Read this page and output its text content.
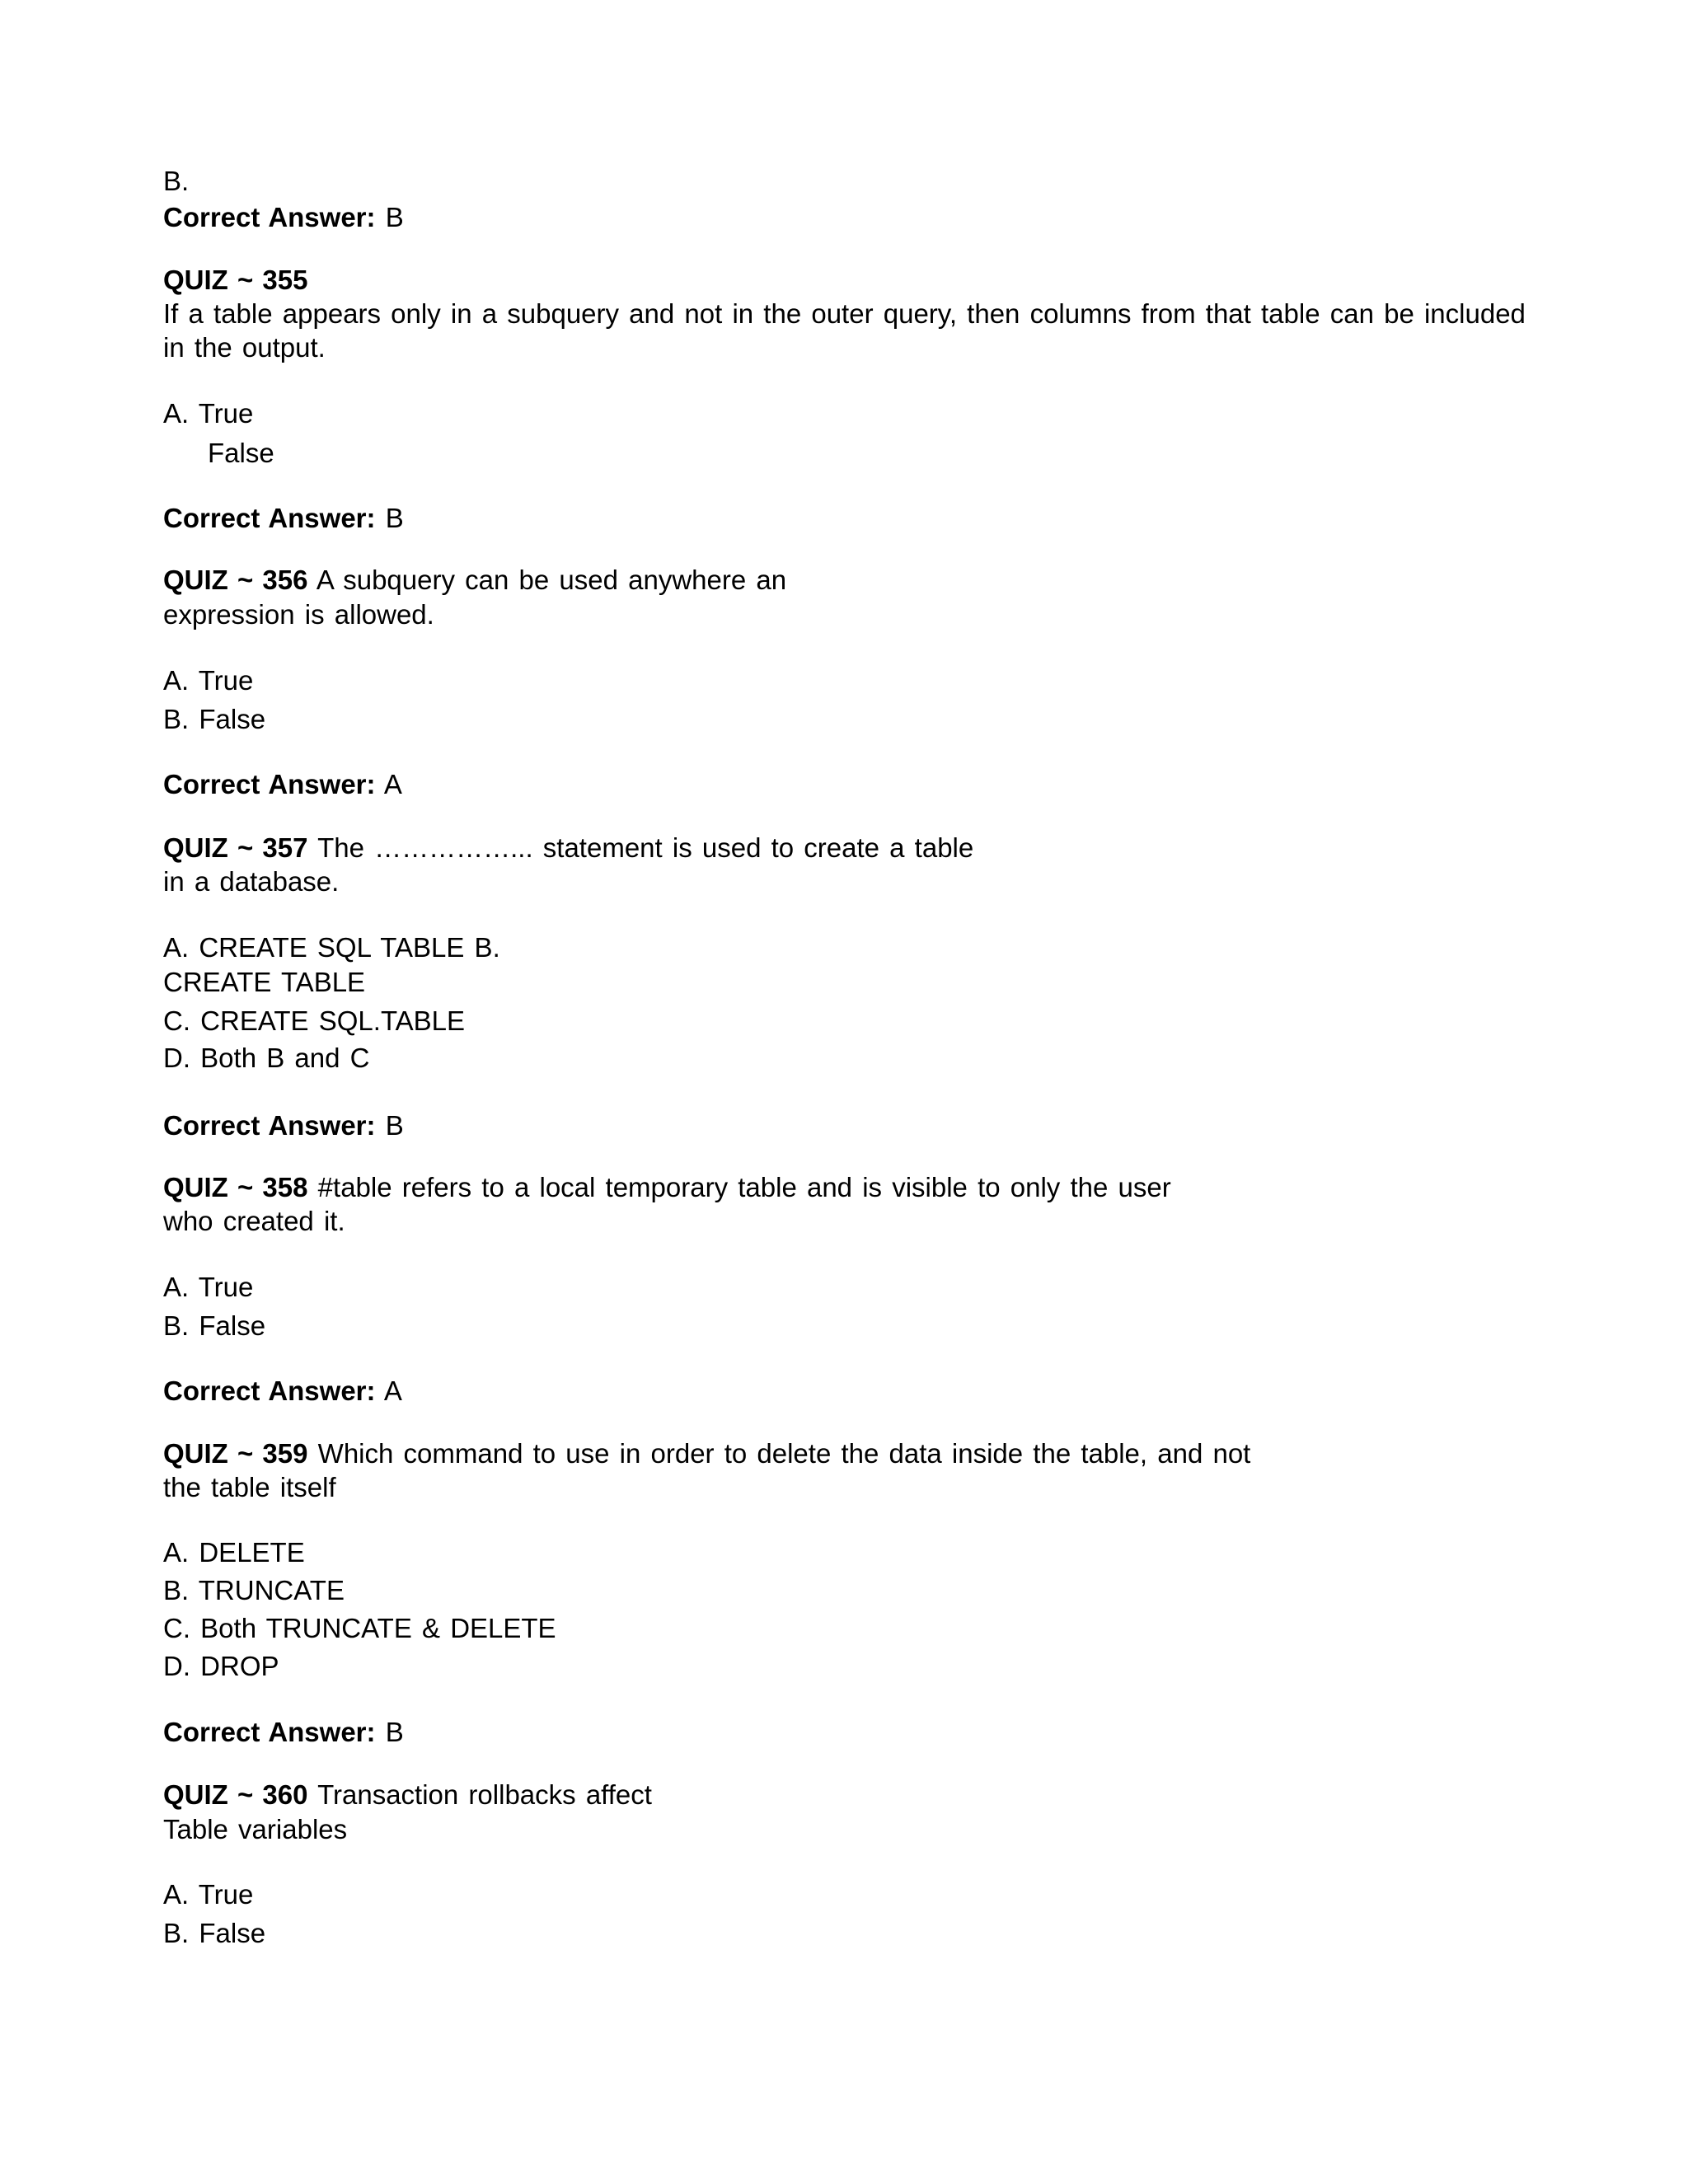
B.
Correct Answer: B
QUIZ ~ 355
If a table appears only in a subquery and not in the outer query, then columns from that table can be included
in the output.
A. True
False
Correct Answer: B
QUIZ ~ 356 A subquery can be used anywhere an
expression is allowed.
A. True
B. False
Correct Answer: A
QUIZ ~ 357 The ……………... statement is used to create a table
in a database.
A. CREATE SQL TABLE B.
CREATE TABLE
C. CREATE SQL.TABLE
D. Both B and C
Correct Answer: B
QUIZ ~ 358 #table refers to a local temporary table and is visible to only the user
who created it.
A. True
B. False
Correct Answer: A
QUIZ ~ 359 Which command to use in order to delete the data inside the table, and not
the table itself
A. DELETE
B. TRUNCATE
C. Both TRUNCATE & DELETE
D. DROP
Correct Answer: B
QUIZ ~ 360 Transaction rollbacks affect
Table variables
A. True
B. False
